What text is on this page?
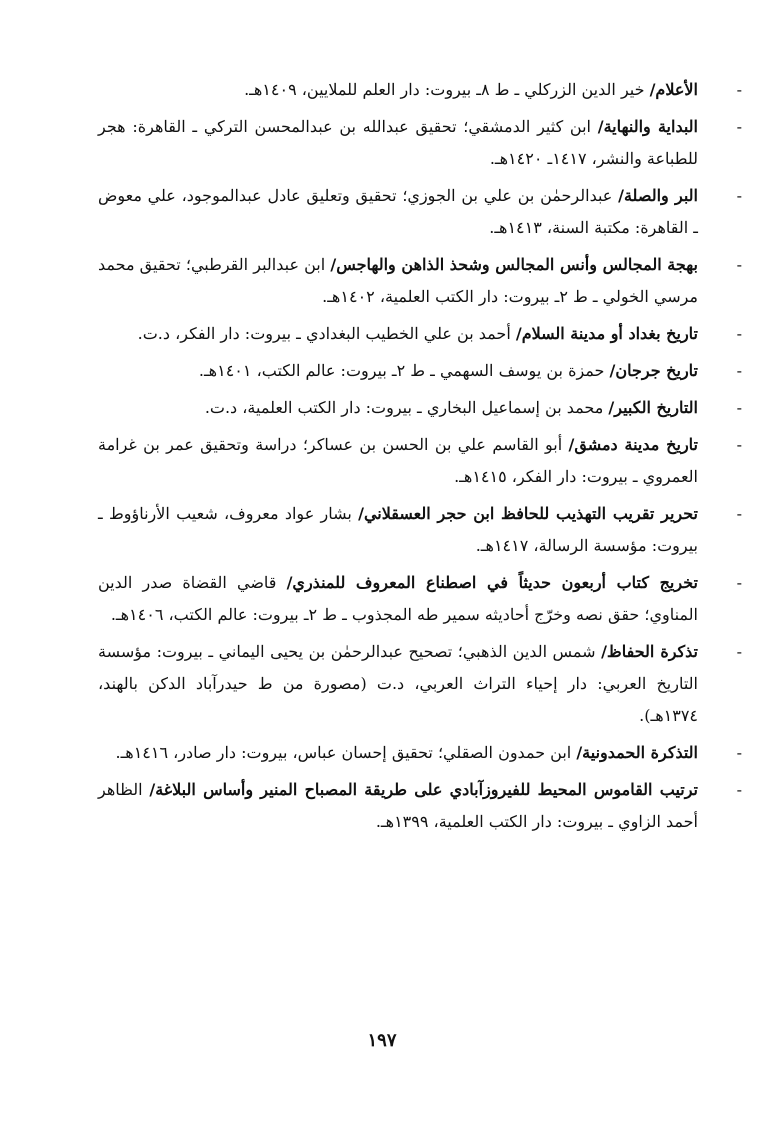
-
الأعلام/ خير الدين الزركلي ـ ط ٨ـ بيروت: دار العلم للملايين، ١٤٠٩هـ.
-
البداية والنهاية/ ابن كثير الدمشقي؛ تحقيق عبدالله بن عبدالمحسن التركي ـ القاهرة: هجر للطباعة والنشر، ١٤١٧ـ ١٤٢٠هـ.
-
البر والصلة/ عبدالرحمٰن بن علي بن الجوزي؛ تحقيق وتعليق عادل عبدالموجود، علي معوض ـ القاهرة: مكتبة السنة، ١٤١٣هـ.
-
بهجة المجالس وأنس المجالس وشحذ الذاهن والهاجس/ ابن عبدالبر القرطبي؛ تحقيق محمد مرسي الخولي ـ ط ٢ـ بيروت: دار الكتب العلمية، ١٤٠٢هـ.
-
تاريخ بغداد أو مدينة السلام/ أحمد بن علي الخطيب البغدادي ـ بيروت: دار الفكر، د.ت.
-
تاريخ جرجان/ حمزة بن يوسف السهمي ـ ط ٢ـ بيروت: عالم الكتب، ١٤٠١هـ.
-
التاريخ الكبير/ محمد بن إسماعيل البخاري ـ بيروت: دار الكتب العلمية، د.ت.
-
تاريخ مدينة دمشق/ أبو القاسم علي بن الحسن بن عساكر؛ دراسة وتحقيق عمر بن غرامة العمروي ـ بيروت: دار الفكر، ١٤١٥هـ.
-
تحرير تقريب التهذيب للحافظ ابن حجر العسقلاني/ بشار عواد معروف، شعيب الأرناؤوط ـ بيروت: مؤسسة الرسالة، ١٤١٧هـ.
-
تخريج كتاب أربعون حديثاً في اصطناع المعروف للمنذري/ قاضي القضاة صدر الدين المناوي؛ حقق نصه وخرّج أحاديثه سمير طه المجذوب ـ ط ٢ـ بيروت: عالم الكتب، ١٤٠٦هـ.
-
تذكرة الحفاظ/ شمس الدين الذهبي؛ تصحيح عبدالرحمٰن بن يحيى اليماني ـ بيروت: مؤسسة التاريخ العربي: دار إحياء التراث العربي، د.ت (مصورة من ط حيدرآباد الدكن بالهند، ١٣٧٤هـ).
-
التذكرة الحمدونية/ ابن حمدون الصقلي؛ تحقيق إحسان عباس، بيروت: دار صادر، ١٤١٦هـ.
-
ترتيب القاموس المحيط للفيروزآبادي على طريقة المصباح المنير وأساس البلاغة/ الظاهر أحمد الزاوي ـ بيروت: دار الكتب العلمية، ١٣٩٩هـ.
١٩٧
